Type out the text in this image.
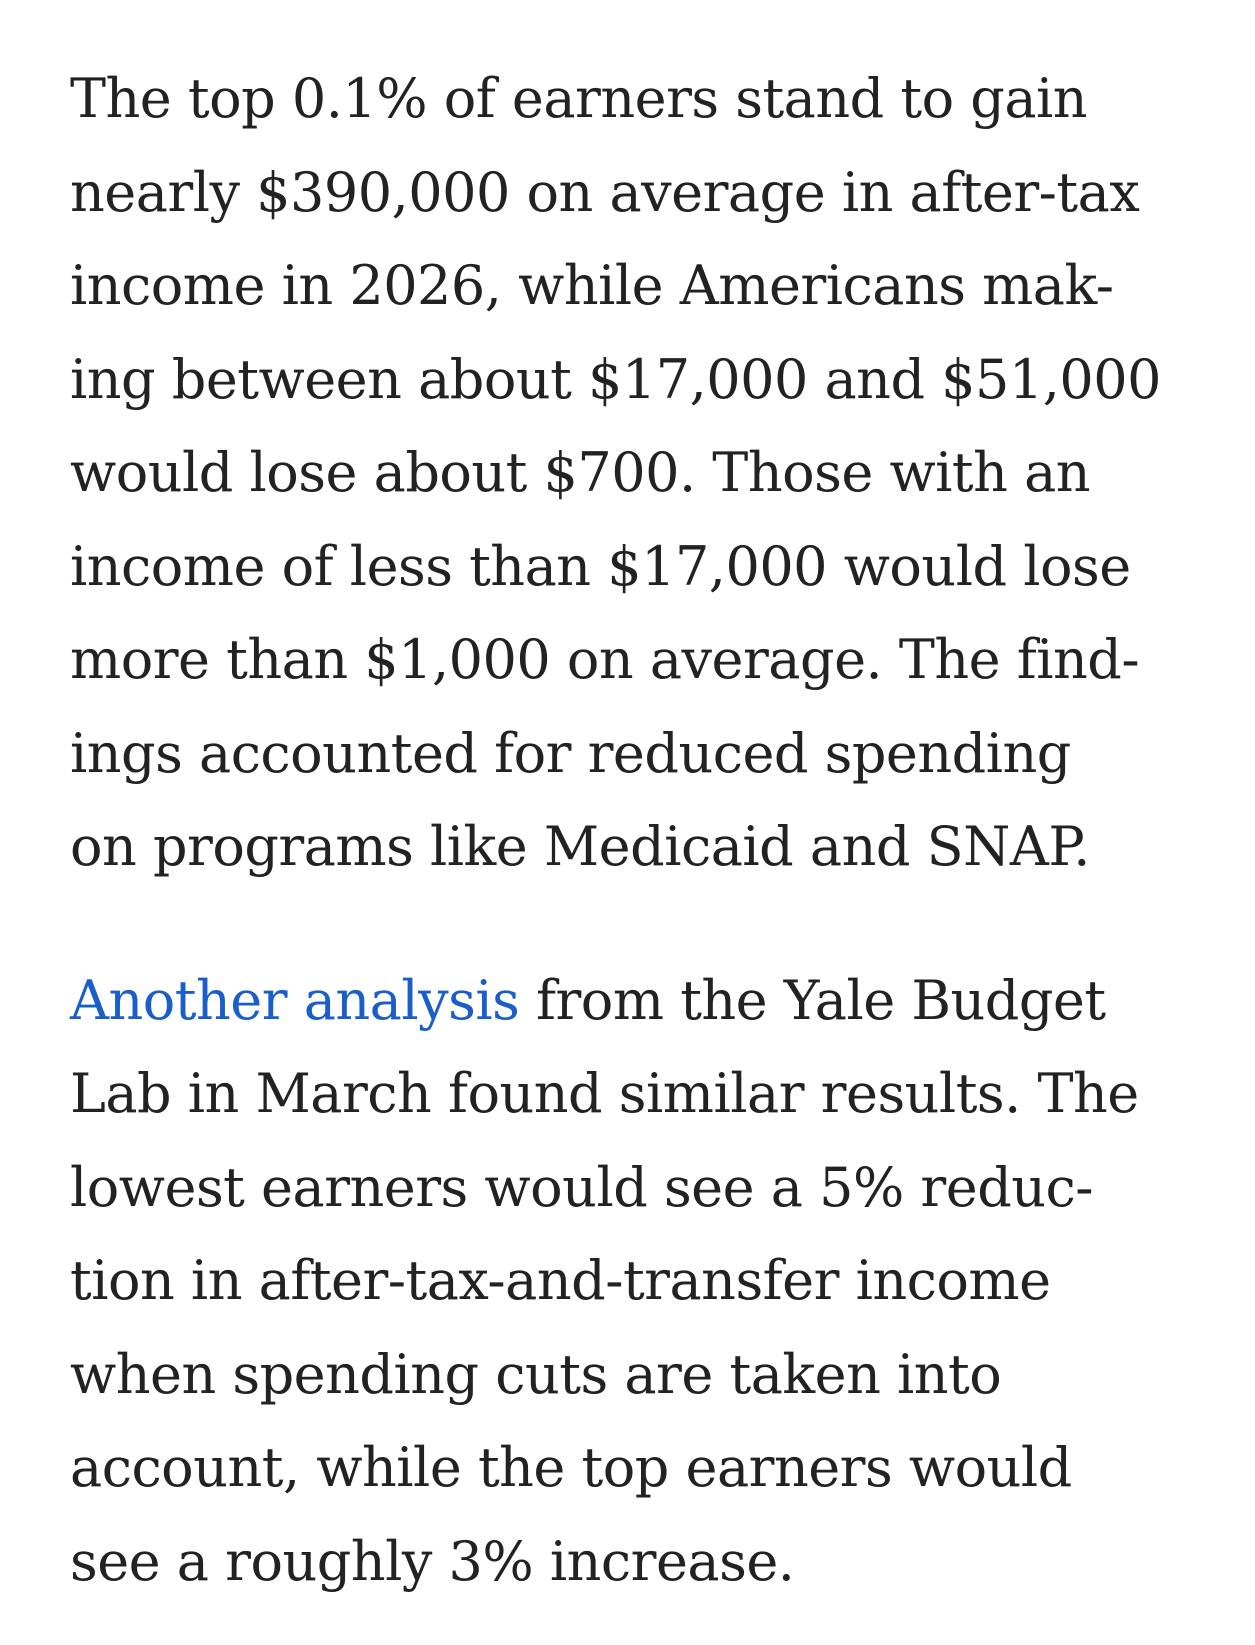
The top 0.1% of earners stand to gain
nearly $390,000 on average in after-tax
income in 2026, while Americans mak-
ing between about $17,000 and $51,000
would lose about $700. Those with an
income of less than $17,000 would lose
more than $1,000 on average. The find-
ings accounted for reduced spending
on programs like Medicaid and SNAP.

Another analysis from the Yale Budget
Lab in March found similar results. The
lowest earners would see a 5% reduc-
tion in after-tax-and-transfer income
when spending cuts are taken into
account, while the top earners would
see a roughly 3% increase.
